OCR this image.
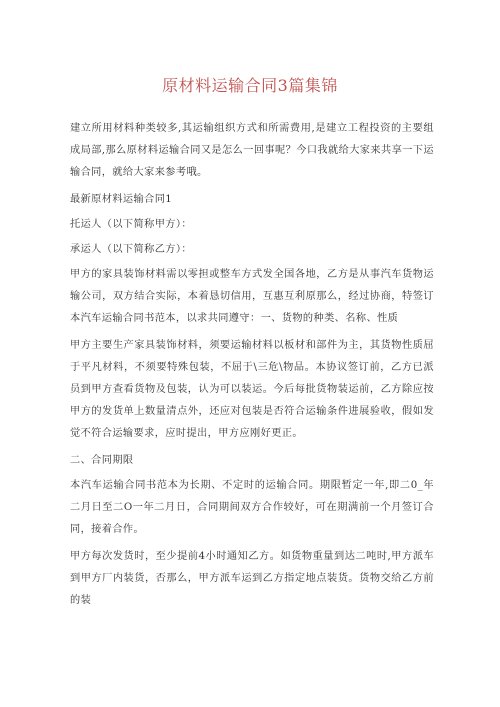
原材料运输合同3篇集锦

建立所用材料种类较多,其运输组织方式和所需费用,是建立工程投资的主要组成局部,那么原材料运输合同又是怎么一回事呢？今口我就给大家来共享一下运输合同，就给大家来参考哦。

最新原材料运输合同1

托运人（以下简称甲方）：

承运人（以下简称乙方）：

甲方的家具装饰材料需以零担或整车方式发全国各地，乙方是从事汽车货物运输公司，双方结合实际，本着恳切信用，互惠互利原那么，经过协商，特签订本汽车运输合同书范本，以求共同遵守：一、货物的种类、名称、性质

甲方主要生产家具装饰材料，须要运输材料以板材和部件为主，其货物性质屈于平凡材料，不须要特殊包装，不屈于\三危\物品。本协议签订前，乙方已派员到甲方查看货物及包装，认为可以装运。今后每批货物装运前，乙方除应按甲方的发货单上数量清点外，还应对包装是否符合运输条件进展验收，假如发觉不符合运输要求，应时提出，甲方应刚好更正。

二、合同期限

本汽车运输合同书范本为长期、不定时的运输合同。期限暂定一年,即二0_年二月日至二O一年二月日，合同期间双方合作较好，可在期满前一个月签订合同，接着合作。

甲方每次发货时，至少提前4小时通知乙方。如货物重量到达二吨时,甲方派车到甲方厂内装货，否那么，甲方派车运到乙方指定地点装货。货物交给乙方前的装
